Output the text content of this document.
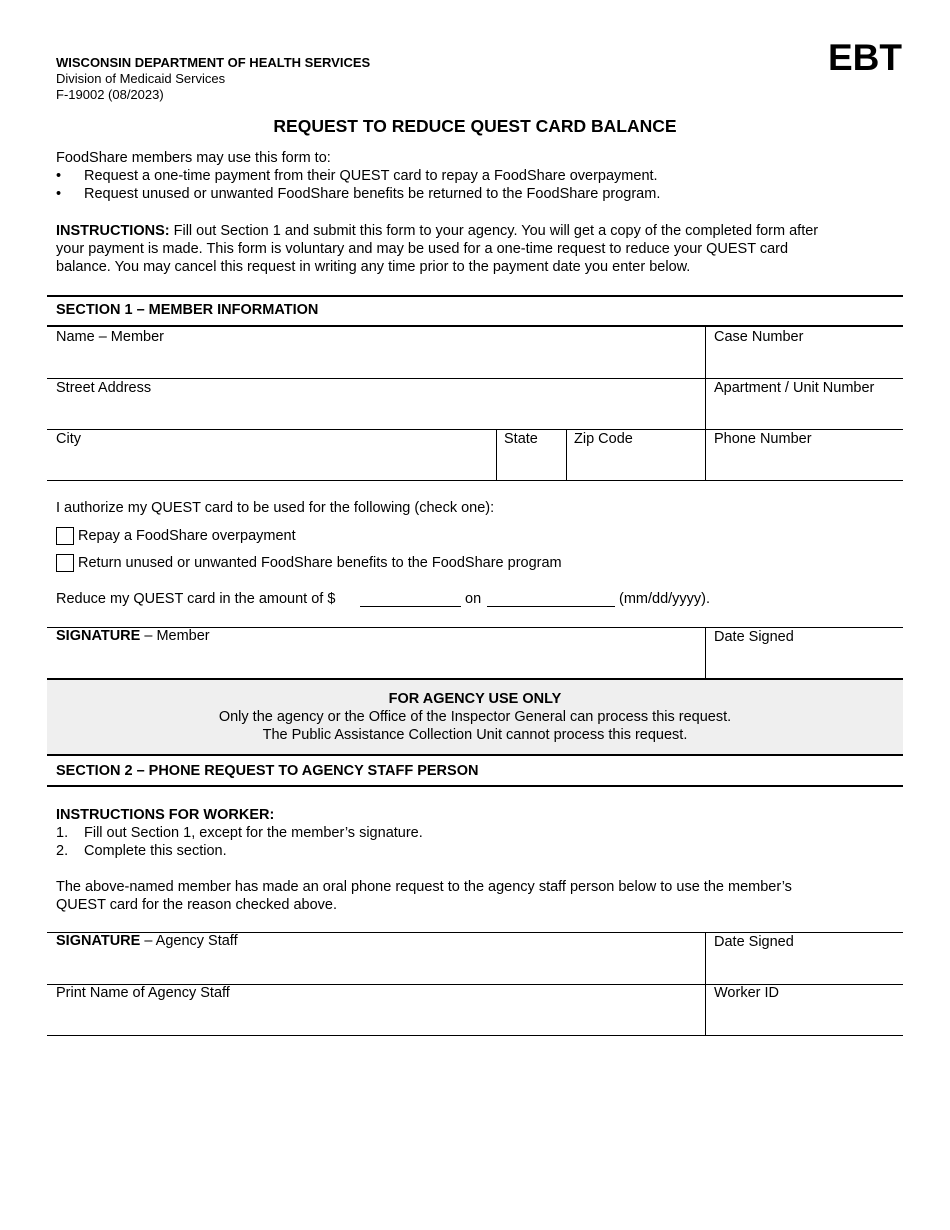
WISCONSIN DEPARTMENT OF HEALTH SERVICES
Division of Medicaid Services
F-19002 (08/2023)
EBT
REQUEST TO REDUCE QUEST CARD BALANCE
FoodShare members may use this form to:
• Request a one-time payment from their QUEST card to repay a FoodShare overpayment.
• Request unused or unwanted FoodShare benefits be returned to the FoodShare program.
INSTRUCTIONS: Fill out Section 1 and submit this form to your agency. You will get a copy of the completed form after
your payment is made. This form is voluntary and may be used for a one-time request to reduce your QUEST card
balance. You may cancel this request in writing any time prior to the payment date you enter below.
SECTION 1 – MEMBER INFORMATION
Name – Member	Case Number
Street Address	Apartment / Unit Number
City	State Zip Code	Phone Number
I authorize my QUEST card to be used for the following (check one):
Repay a FoodShare overpayment
Return unused or unwanted FoodShare benefits to the FoodShare program
Reduce my QUEST card in the amount of $	on	(mm/dd/yyyy).
SIGNATURE – Member	Date Signed
FOR AGENCY USE ONLY
Only the agency or the Office of the Inspector General can process this request.
The Public Assistance Collection Unit cannot process this request.
SECTION 2 – PHONE REQUEST TO AGENCY STAFF PERSON
INSTRUCTIONS FOR WORKER:
1. Fill out Section 1, except for the member’s signature.
2. Complete this section.
The above-named member has made an oral phone request to the agency staff person below to use the member’s
QUEST card for the reason checked above.
SIGNATURE – Agency Staff	Date Signed
Print Name of Agency Staff	Worker ID
